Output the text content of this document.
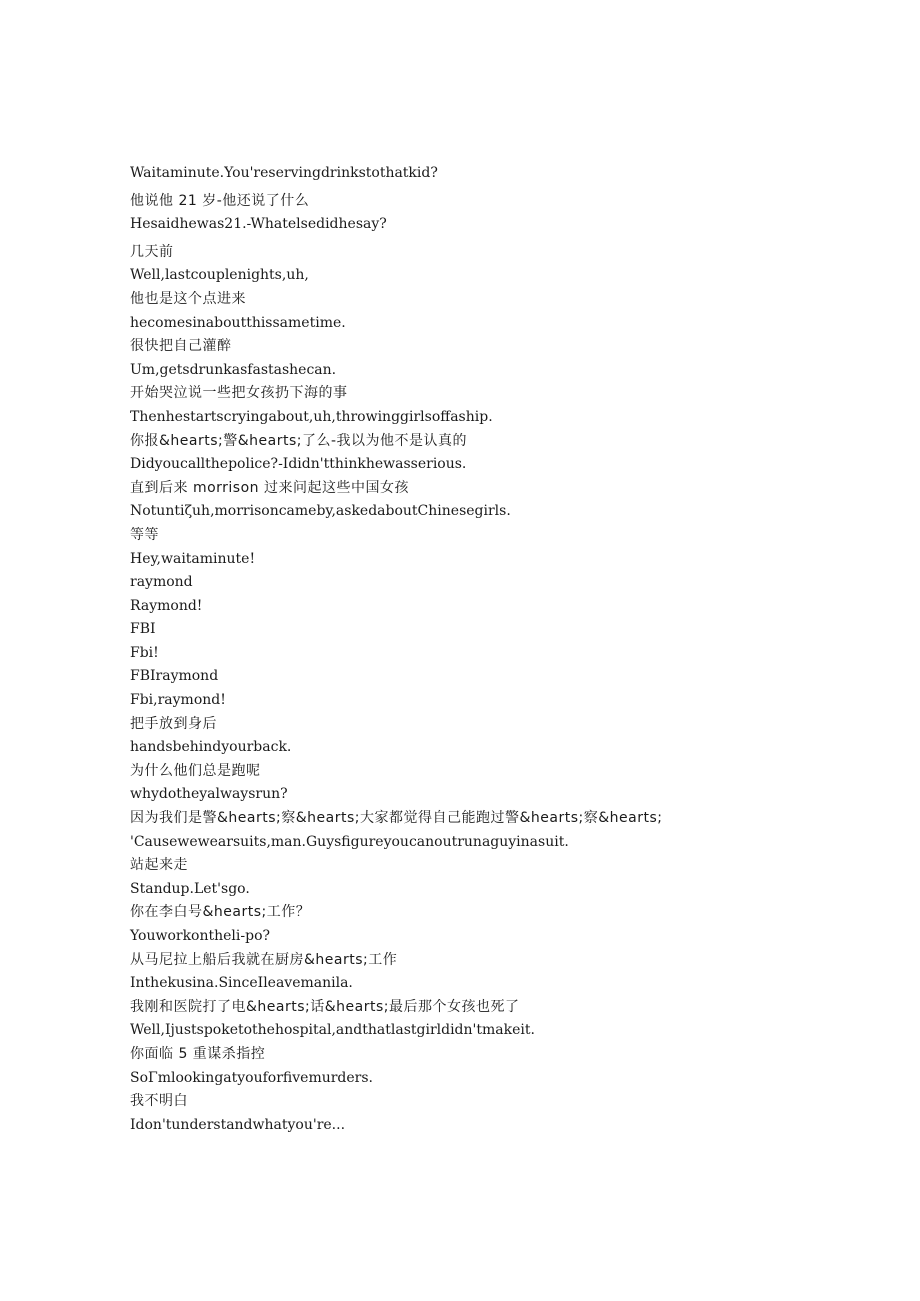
Waitaminute.You'reservingdrinkstothatkid?
他说他 21 岁-他还说了什么
Hesaidhewas21.-Whatelsedidhesay?
几天前
Well,lastcouplenights,uh,
他也是这个点进来
hecomesinaboutthissametime.
很快把自己灌醉
Um,getsdrunkasfastashecan.
开始哭泣说一些把女孩扔下海的事
Thenhestartscryingabout,uh,throwinggirlsoffaship.
你报&hearts;警&hearts;了么-我以为他不是认真的
Didyoucallthepolice?-Ididn'tthinkhewasserious.
直到后来 morrison 过来问起这些中国女孩
Notuntiζuh,morrisoncameby,askedaboutChinesegirls.
等等
Hey,waitaminute!
raymond
Raymond!
FBI
Fbi!
FBIraymond
Fbi,raymond!
把手放到身后
handsbehindyourback.
为什么他们总是跑呢
whydotheyalwaysrun?
因为我们是警&hearts;察&hearts;大家都觉得自己能跑过警&hearts;察&hearts;
'Causewewearsuits,man.Guysfigureyoucanoutrunaguyinasuit.
站起来走
Standup.Let'sgo.
你在李白号&hearts;工作？
Youworkontheli-po?
从马尼拉上船后我就在厨房&hearts;工作
Inthekusina.SinceIleavemanila.
我刚和医院打了电&hearts;话&hearts;最后那个女孩也死了
Well,Ijustspoketothehospital,andthatlastgirldidn'tmakeit.
你面临 5 重谋杀指控
SoΓmlookingatyouforfivemurders.
我不明白
Idon'tunderstandwhatyou're...
